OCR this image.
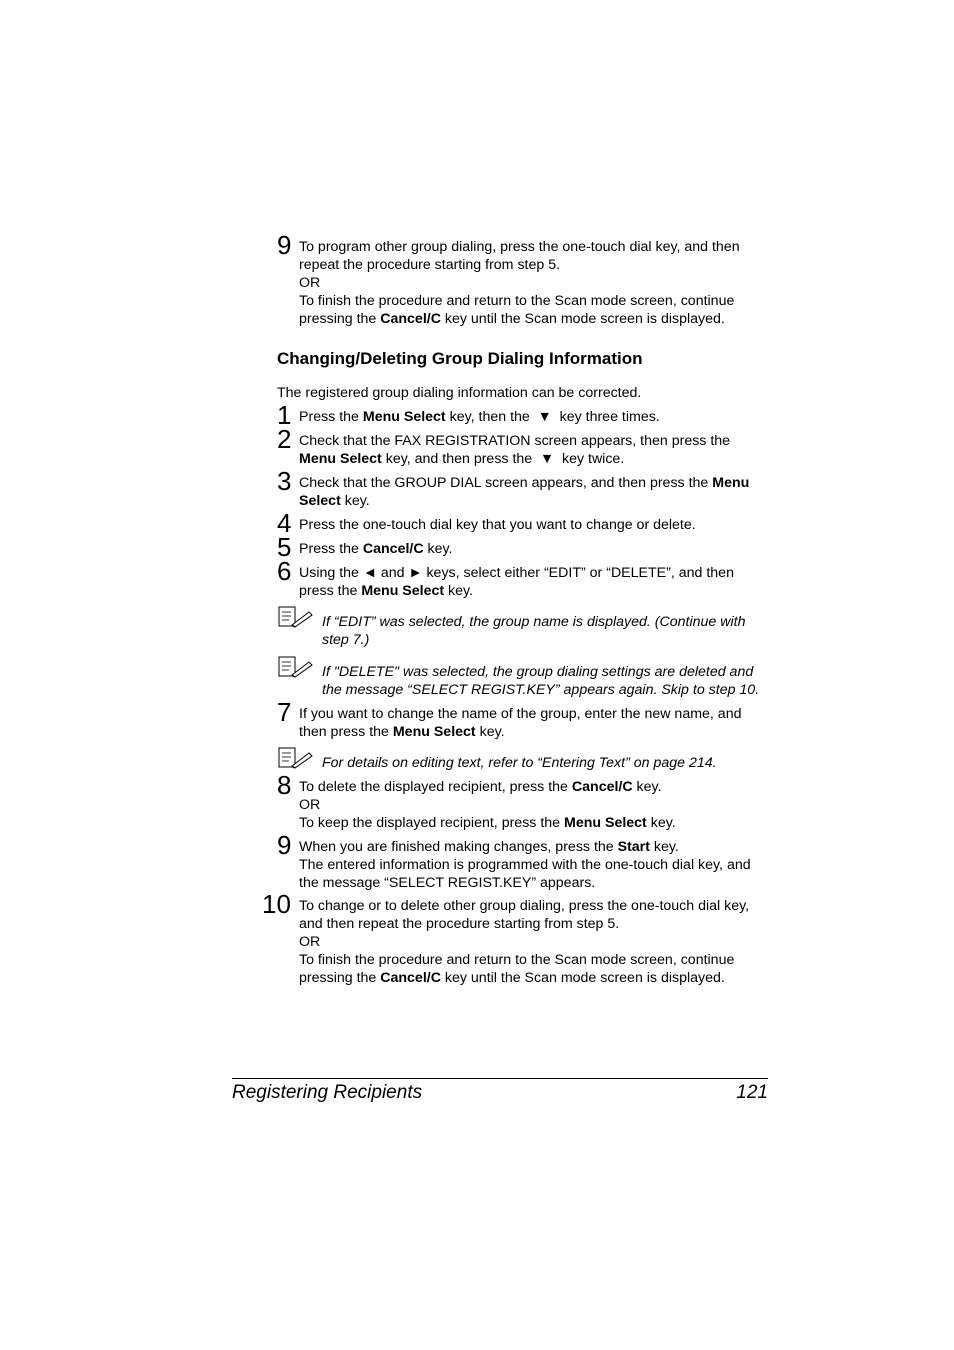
9 To program other group dialing, press the one-touch dial key, and then
repeat the procedure starting from step 5.
OR
To finish the procedure and return to the Scan mode screen, continue
pressing the Cancel/C key until the Scan mode screen is displayed.
Changing/Deleting Group Dialing Information
The registered group dialing information can be corrected.
1 Press the Menu Select key, then the  ▼  key three times.
2 Check that the FAX REGISTRATION screen appears, then press the
Menu Select key, and then press the  ▼  key twice.
3 Check that the GROUP DIAL screen appears, and then press the Menu
Select key.
4 Press the one-touch dial key that you want to change or delete.
5 Press the Cancel/C key.
6 Using the ◄ and ► keys, select either “EDIT” or “DELETE”, and then
press the Menu Select key.
If “EDIT” was selected, the group name is displayed. (Continue with
step 7.)
If "DELETE" was selected, the group dialing settings are deleted and
the message “SELECT REGIST.KEY” appears again. Skip to step 10.
7 If you want to change the name of the group, enter the new name, and
then press the Menu Select key.
For details on editing text, refer to “Entering Text” on page 214.
8 To delete the displayed recipient, press the Cancel/C key.
OR
To keep the displayed recipient, press the Menu Select key.
9 When you are finished making changes, press the Start key.
The entered information is programmed with the one-touch dial key, and
the message “SELECT REGIST.KEY” appears.
10 To change or to delete other group dialing, press the one-touch dial key,
and then repeat the procedure starting from step 5.
OR
To finish the procedure and return to the Scan mode screen, continue
pressing the Cancel/C key until the Scan mode screen is displayed.
Registering Recipients	121
